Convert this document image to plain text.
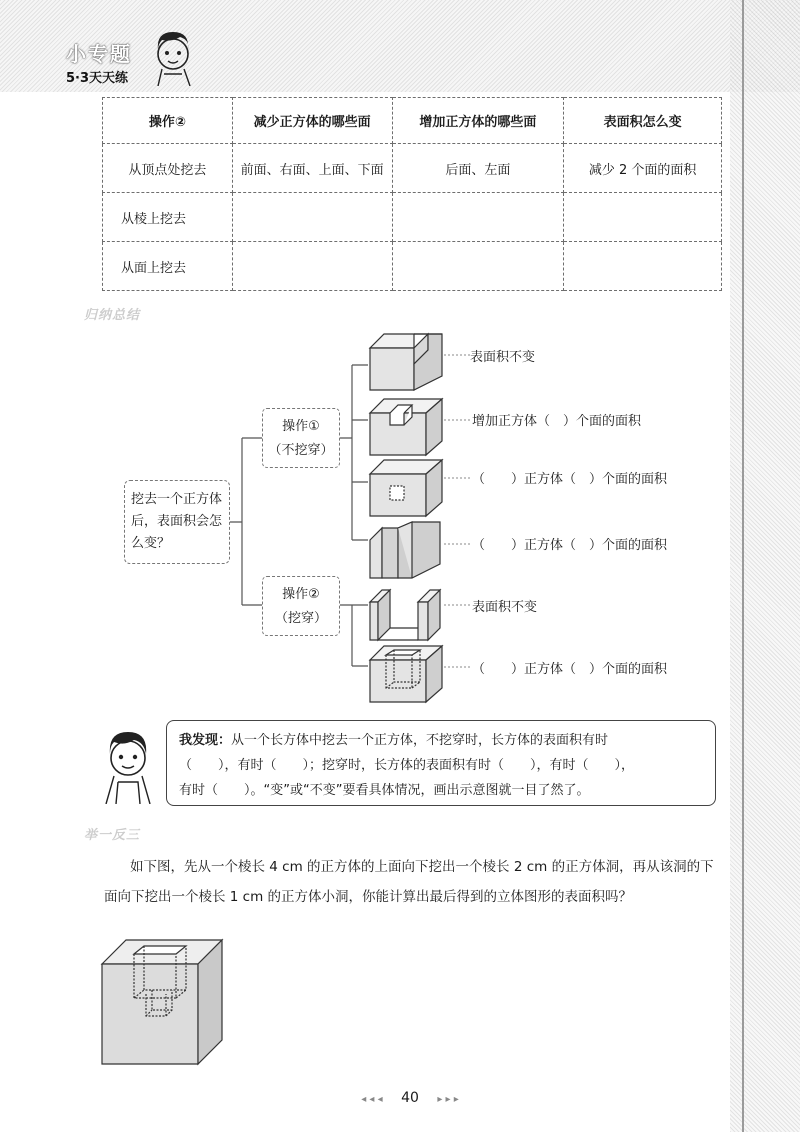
小专题
5·3天天练
操作②	减少正方体的哪些面	增加正方体的哪些面	表面积怎么变
从顶点处挖去	前面、右面、上面、下面	后面、左面	减少 2 个面的面积
从棱上挖去			
从面上挖去			
归纳总结
挖去一个正方体后，表面积会怎么变？
操作①
（不挖穿）
操作②
（挖穿）
表面积不变
增加正方体（　）个面的面积
（　　）正方体（　）个面的面积
（　　）正方体（　）个面的面积
表面积不变
（　　）正方体（　）个面的面积
我发现：从一个长方体中挖去一个正方体，不挖穿时，长方体的表面积有时
（　　），有时（　　）；挖穿时，长方体的表面积有时（　　），有时（　　），
有时（　　）。“变”或“不变”要看具体情况，画出示意图就一目了然了。
举一反三
如下图，先从一个棱长 4 cm 的正方体的上面向下挖出一个棱长 2 cm 的正方体洞，再从该洞的下面向下挖出一个棱长 1 cm 的正方体小洞，你能计算出最后得到的立体图形的表面积吗？
◂ ◂ ◂ 40 ▸ ▸ ▸
